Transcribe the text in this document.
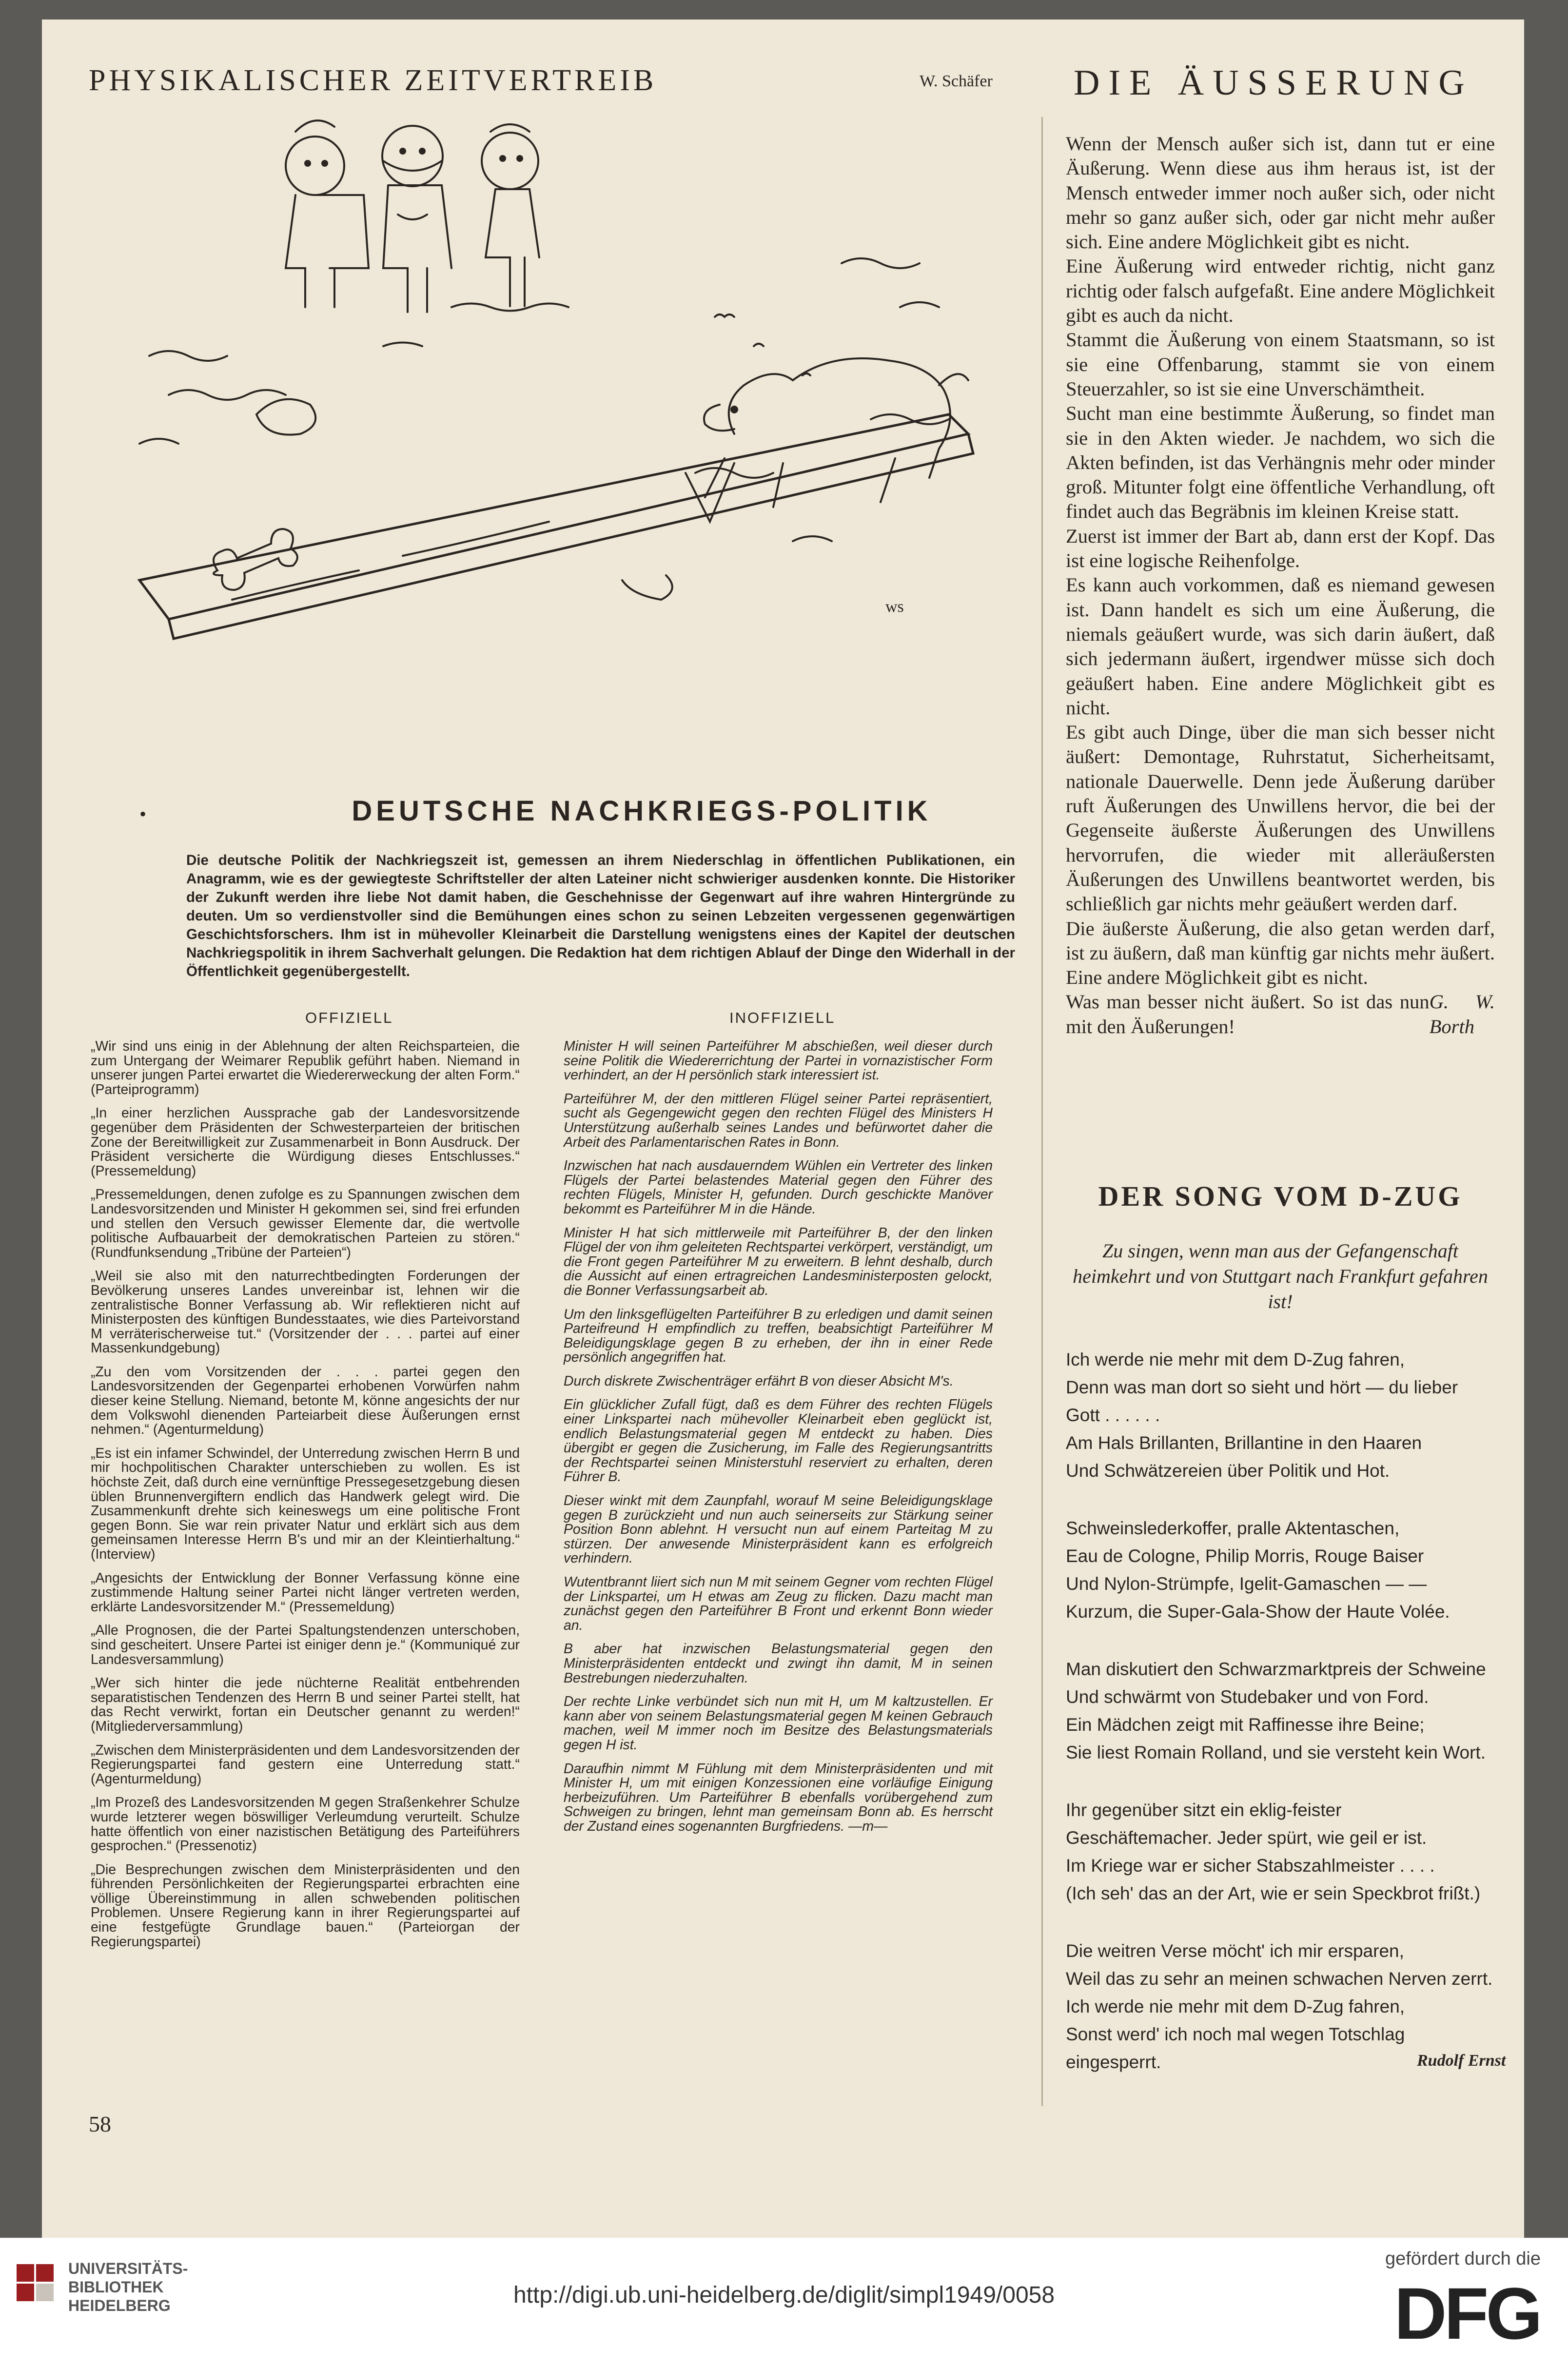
PHYSIKALISCHER ZEITVERTREIB	W. Schäfer DIE ÄUSSERUNG
ws
•	DEUTSCHE NACHKRIEGS-POLITIK
Die deutsche Politik der Nachkriegszeit ist, gemessen an ihrem Niederschlag in öffentlichen Publikationen, ein Anagramm, wie es der gewiegteste Schriftsteller der alten Lateiner nicht schwieriger ausdenken konnte. Die Historiker der Zukunft werden ihre liebe Not damit haben, die Geschehnisse der Gegenwart auf ihre wahren Hintergründe zu deuten. Um so verdienstvoller sind die Bemühungen eines schon zu seinen Lebzeiten vergessenen gegenwärtigen Geschichtsforschers. Ihm ist in mühevoller Kleinarbeit die Darstellung wenigstens eines der Kapitel der deutschen Nachkriegspolitik in ihrem Sachverhalt gelungen. Die Redaktion hat dem richtigen Ablauf der Dinge den Widerhall in der Öffentlichkeit gegenübergestellt.
OFFIZIELL	INOFFIZIELL

„Wir sind uns einig in der Ablehnung der alten Reichsparteien, die zum Untergang der Weimarer Republik geführt haben. Niemand in unserer jungen Partei erwartet die Wiedererweckung der alten Form.“ (Parteiprogramm)

„In einer herzlichen Aussprache gab der Landesvorsitzende gegenüber dem Präsidenten der Schwesterparteien der britischen Zone der Bereitwilligkeit zur Zusammenarbeit in Bonn Ausdruck. Der Präsident versicherte die Würdigung dieses Entschlusses.“ (Pressemeldung)

„Pressemeldungen, denen zufolge es zu Spannungen zwischen dem Landesvorsitzenden und Minister H gekommen sei, sind frei erfunden und stellen den Versuch gewisser Elemente dar, die wertvolle politische Aufbauarbeit der demokratischen Parteien zu stören.“ (Rundfunksendung „Tribüne der Parteien“)

„Weil sie also mit den naturrechtbedingten Forderungen der Bevölkerung unseres Landes unvereinbar ist, lehnen wir die zentralistische Bonner Verfassung ab. Wir reflektieren nicht auf Ministerposten des künftigen Bundesstaates, wie dies Parteivorstand M verräterischerweise tut.“ (Vorsitzender der . . . partei auf einer Massenkundgebung)

„Zu den vom Vorsitzenden der . . . partei gegen den Landesvorsitzenden der Gegenpartei erhobenen Vorwürfen nahm dieser keine Stellung. Niemand, betonte M, könne angesichts der nur dem Volkswohl dienenden Parteiarbeit diese Äußerungen ernst nehmen.“ (Agenturmeldung)

„Es ist ein infamer Schwindel, der Unterredung zwischen Herrn B und mir hochpolitischen Charakter unterschieben zu wollen. Es ist höchste Zeit, daß durch eine vernünftige Pressegesetzgebung diesen üblen Brunnenvergiftern endlich das Handwerk gelegt wird. Die Zusammenkunft drehte sich keineswegs um eine politische Front gegen Bonn. Sie war rein privater Natur und erklärt sich aus dem gemeinsamen Interesse Herrn B's und mir an der Kleintierhaltung.“ (Interview)

„Angesichts der Entwicklung der Bonner Verfassung könne eine zustimmende Haltung seiner Partei nicht länger vertreten werden, erklärte Landesvorsitzender M.“ (Pressemeldung)

„Alle Prognosen, die der Partei Spaltungstendenzen unterschoben, sind gescheitert. Unsere Partei ist einiger denn je.“ (Kommuniqué zur Landesversammlung)

„Wer sich hinter die jede nüchterne Realität entbehrenden separatistischen Tendenzen des Herrn B und seiner Partei stellt, hat das Recht verwirkt, fortan ein Deutscher genannt zu werden!“ (Mitgliederversammlung)

„Zwischen dem Ministerpräsidenten und dem Landesvorsitzenden der Regierungspartei fand gestern eine Unterredung statt.“ (Agenturmeldung)

„Im Prozeß des Landesvorsitzenden M gegen Straßenkehrer Schulze wurde letzterer wegen böswilliger Verleumdung verurteilt. Schulze hatte öffentlich von einer nazistischen Betätigung des Parteiführers gesprochen.“ (Pressenotiz)

„Die Besprechungen zwischen dem Ministerpräsidenten und den führenden Persönlichkeiten der Regierungspartei erbrachten eine völlige Übereinstimmung in allen schwebenden politischen Problemen. Unsere Regierung kann in ihrer Regierungspartei auf eine festgefügte Grundlage bauen.“ (Parteiorgan der Regierungspartei)

Minister H will seinen Parteiführer M abschießen, weil dieser durch seine Politik die Wiedererrichtung der Partei in vornazistischer Form verhindert, an der H persönlich stark interessiert ist.

Parteiführer M, der den mittleren Flügel seiner Partei repräsentiert, sucht als Gegengewicht gegen den rechten Flügel des Ministers H Unterstützung außerhalb seines Landes und befürwortet daher die Arbeit des Parlamentarischen Rates in Bonn.

Inzwischen hat nach ausdauerndem Wühlen ein Vertreter des linken Flügels der Partei belastendes Material gegen den Führer des rechten Flügels, Minister H, gefunden. Durch geschickte Manöver bekommt es Parteiführer M in die Hände.

Minister H hat sich mittlerweile mit Parteiführer B, der den linken Flügel der von ihm geleiteten Rechtspartei verkörpert, verständigt, um die Front gegen Parteiführer M zu erweitern. B lehnt deshalb, durch die Aussicht auf einen ertragreichen Landesministerposten gelockt, die Bonner Verfassungsarbeit ab.

Um den linksgeflügelten Parteiführer B zu erledigen und damit seinen Parteifreund H empfindlich zu treffen, beabsichtigt Parteiführer M Beleidigungsklage gegen B zu erheben, der ihn in einer Rede persönlich angegriffen hat.

Durch diskrete Zwischenträger erfährt B von dieser Absicht M's.

Ein glücklicher Zufall fügt, daß es dem Führer des rechten Flügels einer Linkspartei nach mühevoller Kleinarbeit eben geglückt ist, endlich Belastungsmaterial gegen M entdeckt zu haben. Dies übergibt er gegen die Zusicherung, im Falle des Regierungsantritts der Rechtspartei seinen Ministerstuhl reserviert zu erhalten, deren Führer B.

Dieser winkt mit dem Zaunpfahl, worauf M seine Beleidigungsklage gegen B zurückzieht und nun auch seinerseits zur Stärkung seiner Position Bonn ablehnt. H versucht nun auf einem Parteitag M zu stürzen. Der anwesende Ministerpräsident kann es erfolgreich verhindern.

Wutentbrannt liiert sich nun M mit seinem Gegner vom rechten Flügel der Linkspartei, um H etwas am Zeug zu flicken. Dazu macht man zunächst gegen den Parteiführer B Front und erkennt Bonn wieder an.

B aber hat inzwischen Belastungsmaterial gegen den Ministerpräsidenten entdeckt und zwingt ihn damit, M in seinen Bestrebungen niederzuhalten.

Der rechte Linke verbündet sich nun mit H, um M kaltzustellen. Er kann aber von seinem Belastungsmaterial gegen M keinen Gebrauch machen, weil M immer noch im Besitze des Belastungsmaterials gegen H ist.

Daraufhin nimmt M Fühlung mit dem Ministerpräsidenten und mit Minister H, um mit einigen Konzessionen eine vorläufige Einigung herbeizuführen. Um Parteiführer B ebenfalls vorübergehend zum Schweigen zu bringen, lehnt man gemeinsam Bonn ab. Es herrscht der Zustand eines sogenannten Burgfriedens. —m—

58

Wenn der Mensch außer sich ist, dann tut er eine Äußerung. Wenn diese aus ihm heraus ist, ist der Mensch entweder immer noch außer sich, oder nicht mehr so ganz außer sich, oder gar nicht mehr außer sich. Eine andere Möglichkeit gibt es nicht.

Eine Äußerung wird entweder richtig, nicht ganz richtig oder falsch aufgefaßt. Eine andere Möglichkeit gibt es auch da nicht.

Stammt die Äußerung von einem Staatsmann, so ist sie eine Offenbarung, stammt sie von einem Steuerzahler, so ist sie eine Unverschämtheit.

Sucht man eine bestimmte Äußerung, so findet man sie in den Akten wieder. Je nachdem, wo sich die Akten befinden, ist das Verhängnis mehr oder minder groß. Mitunter folgt eine öffentliche Verhandlung, oft findet auch das Begräbnis im kleinen Kreise statt.

Zuerst ist immer der Bart ab, dann erst der Kopf. Das ist eine logische Reihenfolge.

Es kann auch vorkommen, daß es niemand gewesen ist. Dann handelt es sich um eine Äußerung, die niemals geäußert wurde, was sich darin äußert, daß sich jedermann äußert, irgendwer müsse sich doch geäußert haben. Eine andere Möglichkeit gibt es nicht.

Es gibt auch Dinge, über die man sich besser nicht äußert: Demontage, Ruhrstatut, Sicherheitsamt, nationale Dauerwelle. Denn jede Äußerung darüber ruft Äußerungen des Unwillens hervor, die bei der Gegenseite äußerste Äußerungen des Unwillens hervorrufen, die wieder mit alleräußersten Äußerungen des Unwillens beantwortet werden, bis schließlich gar nichts mehr geäußert werden darf.

Die äußerste Äußerung, die also getan werden darf, ist zu äußern, daß man künftig gar nichts mehr äußert. Eine andere Möglichkeit gibt es nicht.

Was man besser nicht äußert. So ist das nun mit den Äußerungen!
G. W. Borth

DER SONG VOM D-ZUG
Zu singen, wenn man aus der Gefangenschaft heimkehrt und von Stuttgart nach Frankfurt gefahren ist!

Ich werde nie mehr mit dem D-Zug fahren,
Denn was man dort so sieht und hört — du lieber Gott . . . . . .
Am Hals Brillanten, Brillantine in den Haaren
Und Schwätzereien über Politik und Hot.

Schweinslederkoffer, pralle Aktentaschen,
Eau de Cologne, Philip Morris, Rouge Baiser
Und Nylon-Strümpfe, Igelit-Gamaschen — —
Kurzum, die Super-Gala-Show der Haute Volée.

Man diskutiert den Schwarzmarktpreis der Schweine
Und schwärmt von Studebaker und von Ford.
Ein Mädchen zeigt mit Raffinesse ihre Beine;
Sie liest Romain Rolland, und sie versteht kein Wort.

Ihr gegenüber sitzt ein eklig-feister
Geschäftemacher. Jeder spürt, wie geil er ist.
Im Kriege war er sicher Stabszahlmeister . . . .
(Ich seh' das an der Art, wie er sein Speckbrot frißt.)

Die weitren Verse möcht' ich mir ersparen,
Weil das zu sehr an meinen schwachen Nerven zerrt.
Ich werde nie mehr mit dem D-Zug fahren,
Sonst werd' ich noch mal wegen Totschlag eingesperrt.	Rudolf Ernst
UNIVERSITÄTS-
BIBLIOTHEK
HEIDELBERG	http://digi.ub.uni-heidelberg.de/diglit/simpl1949/0058
gefördert durch die
DFG
